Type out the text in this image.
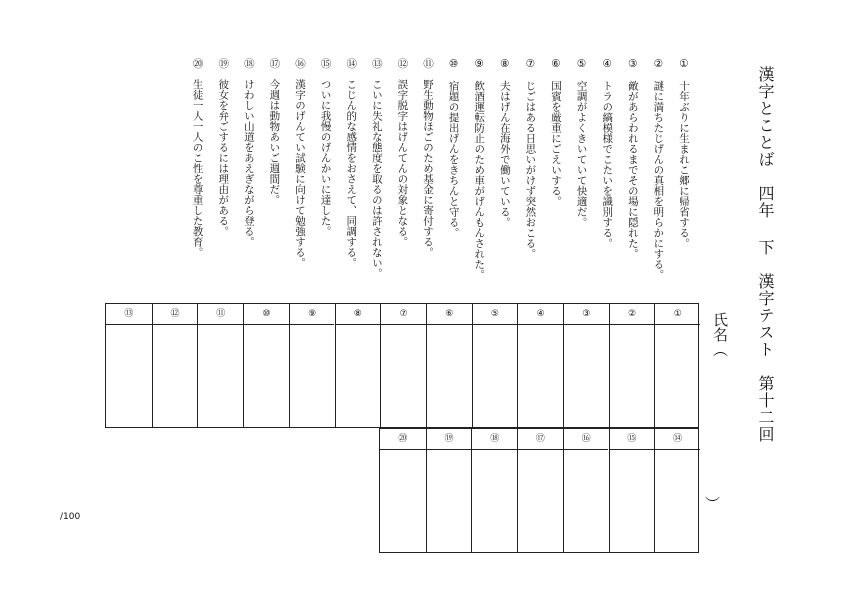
漢字とことば　四年 下　漢字テスト　第十二回
①　十年ぶりに生まれこ郷に帰省する。
②　謎に満ちたじげんの真相を明らかにする。
③　敵があらわれるまでその場に隠れた。
④　トラの縞模様でこたいを識別する。
⑤　空調がよくきいていて快適だ。
⑥　国賓を厳重にごえいする。
⑦　じごはある日思いがけず突然おこる。
⑧　夫はげん在海外で働いている。
⑨　飲酒運転防止のため車がげんもんされた。
⑩　宿題の提出げんをきちんと守る。
⑪　野生動物ほごのため基金に寄付する。
⑫　誤字脱字はげんてんの対象となる。
⑬　こいに失礼な態度を取るのは許されない。
⑭　こじん的な感情をおさえて、同調する。
⑮　ついに我慢のげんかいに達した。
⑯　漢字のげんてい試験に向けて勉強する。
⑰　今週は動物あいご週間だ。
⑱　けわしい山道をあえぎながら登る。
⑲　彼女を弁ごするには理由がある。
⑳　生徒一人一人のこ性を尊重した教育。
氏名（
）
/100
①
②
③
④
⑤
⑥
⑦
⑧
⑨
⑩
⑪
⑫
⑬
⑭
⑮
⑯
⑰
⑱
⑲
⑳
